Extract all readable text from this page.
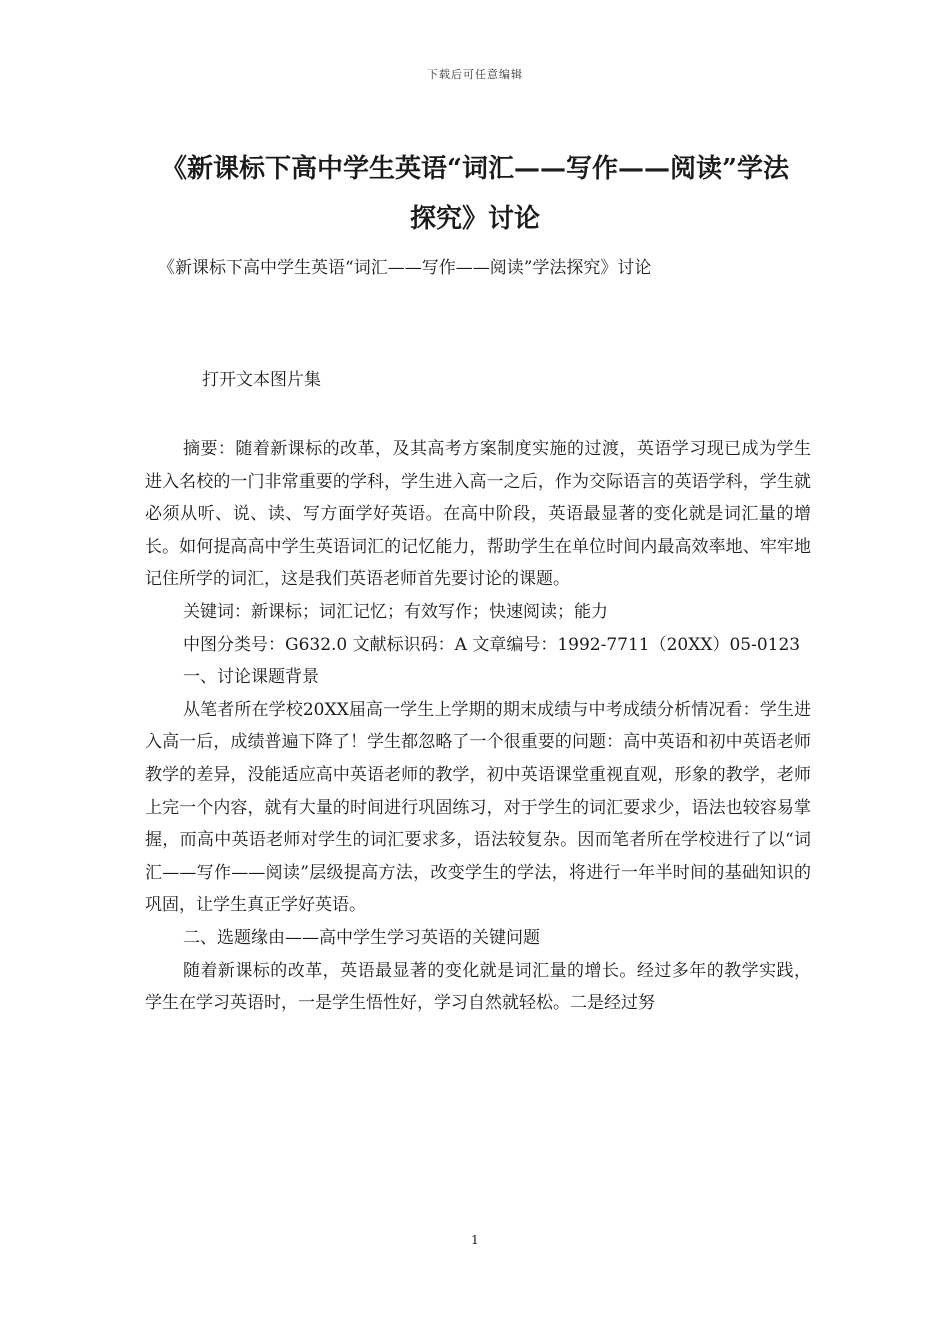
下载后可任意编辑
《新课标下高中学生英语“词汇——写作——阅读”学法
探究》讨论
《新课标下高中学生英语“词汇——写作——阅读”学法探究》讨论
打开文本图片集

摘要：随着新课标的改革，及其高考方案制度实施的过渡，英语学习现已成为学生进入名校的一门非常重要的学科，学生进入高一之后，作为交际语言的英语学科，学生就必须从听、说、读、写方面学好英语。在高中阶段，英语最显著的变化就是词汇量的增长。如何提高高中学生英语词汇的记忆能力，帮助学生在单位时间内最高效率地、牢牢地记住所学的词汇，这是我们英语老师首先要讨论的课题。

关键词：新课标；词汇记忆；有效写作；快速阅读；能力

中图分类号：G632.0 文献标识码：A 文章编号：1992-7711（20XX）05-0123

一、讨论课题背景

从笔者所在学校20XX届高一学生上学期的期末成绩与中考成绩分析情况看：学生进入高一后，成绩普遍下降了！学生都忽略了一个很重要的问题：高中英语和初中英语老师教学的差异，没能适应高中英语老师的教学，初中英语课堂重视直观，形象的教学，老师上完一个内容，就有大量的时间进行巩固练习，对于学生的词汇要求少，语法也较容易掌握，而高中英语老师对学生的词汇要求多，语法较复杂。因而笔者所在学校进行了以“词汇——写作——阅读”层级提高方法，改变学生的学法，将进行一年半时间的基础知识的巩固，让学生真正学好英语。

二、选题缘由——高中学生学习英语的关键问题

随着新课标的改革，英语最显著的变化就是词汇量的增长。经过多年的教学实践，学生在学习英语时，一是学生悟性好，学习自然就轻松。二是经过努

1
